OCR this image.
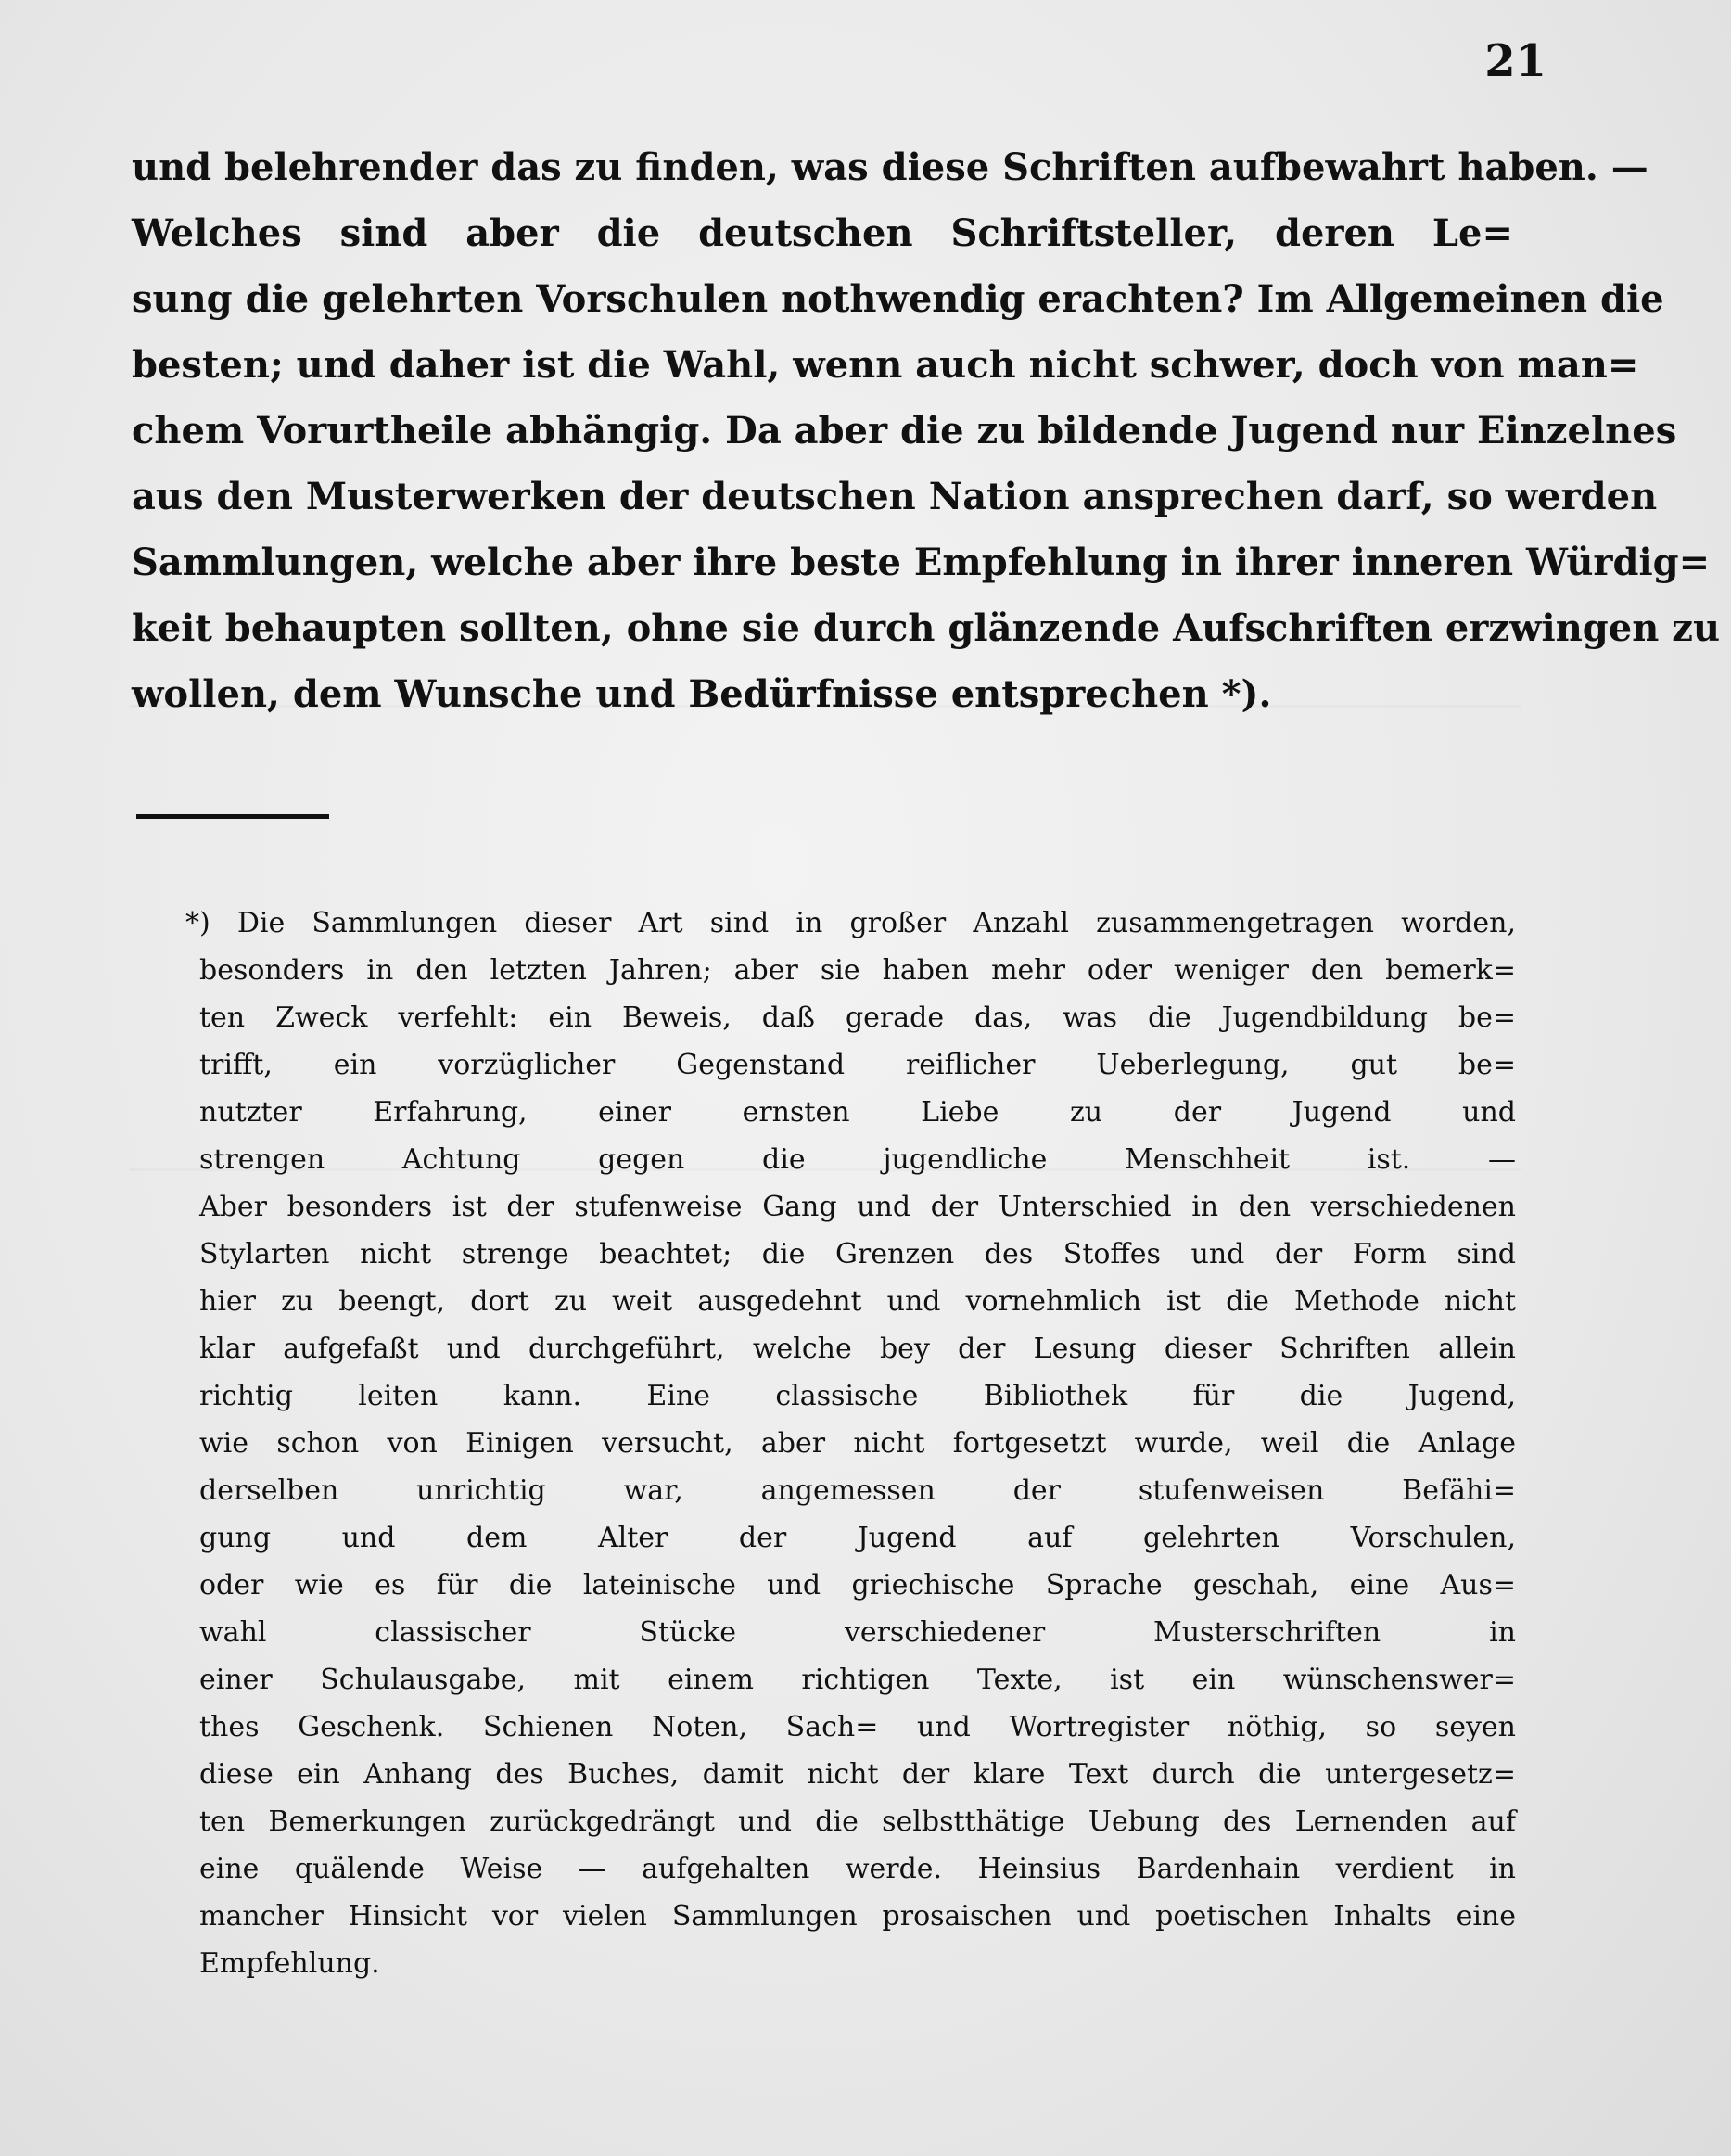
21
und belehrender das zu finden, was diese Schriften aufbewahrt haben. —
Welches sind aber die deutschen Schriftsteller, deren Le=
sung die gelehrten Vorschulen nothwendig erachten? Im Allgemeinen die
besten; und daher ist die Wahl, wenn auch nicht schwer, doch von man=
chem Vorurtheile abhängig. Da aber die zu bildende Jugend nur Einzelnes
aus den Musterwerken der deutschen Nation ansprechen darf, so werden
Sammlungen, welche aber ihre beste Empfehlung in ihrer inneren Würdig=
keit behaupten sollten, ohne sie durch glänzende Aufschriften erzwingen zu
wollen, dem Wunsche und Bedürfnisse entsprechen *).
*) Die Sammlungen dieser Art sind in großer Anzahl zusammengetragen worden,
besonders in den letzten Jahren; aber sie haben mehr oder weniger den bemerk=
ten Zweck verfehlt: ein Beweis, daß gerade das, was die Jugendbildung be=
trifft, ein vorzüglicher Gegenstand reiflicher Ueberlegung, gut be=
nutzter Erfahrung, einer ernsten Liebe zu der Jugend und
strengen Achtung gegen die jugendliche Menschheit ist. —
Aber besonders ist der stufenweise Gang und der Unterschied in den verschiedenen
Stylarten nicht strenge beachtet; die Grenzen des Stoffes und der Form sind
hier zu beengt, dort zu weit ausgedehnt und vornehmlich ist die Methode nicht
klar aufgefaßt und durchgeführt, welche bey der Lesung dieser Schriften allein
richtig leiten kann. Eine classische Bibliothek für die Jugend,
wie schon von Einigen versucht, aber nicht fortgesetzt wurde, weil die Anlage
derselben unrichtig war, angemessen der stufenweisen Befähi=
gung und dem Alter der Jugend auf gelehrten Vorschulen,
oder wie es für die lateinische und griechische Sprache geschah, eine Aus=
wahl classischer Stücke verschiedener Musterschriften in
einer Schulausgabe, mit einem richtigen Texte, ist ein wünschenswer=
thes Geschenk. Schienen Noten, Sach= und Wortregister nöthig, so seyen
diese ein Anhang des Buches, damit nicht der klare Text durch die untergesetz=
ten Bemerkungen zurückgedrängt und die selbstthätige Uebung des Lernenden auf
eine quälende Weise — aufgehalten werde. Heinsius Bardenhain verdient in
mancher Hinsicht vor vielen Sammlungen prosaischen und poetischen Inhalts eine
Empfehlung.
